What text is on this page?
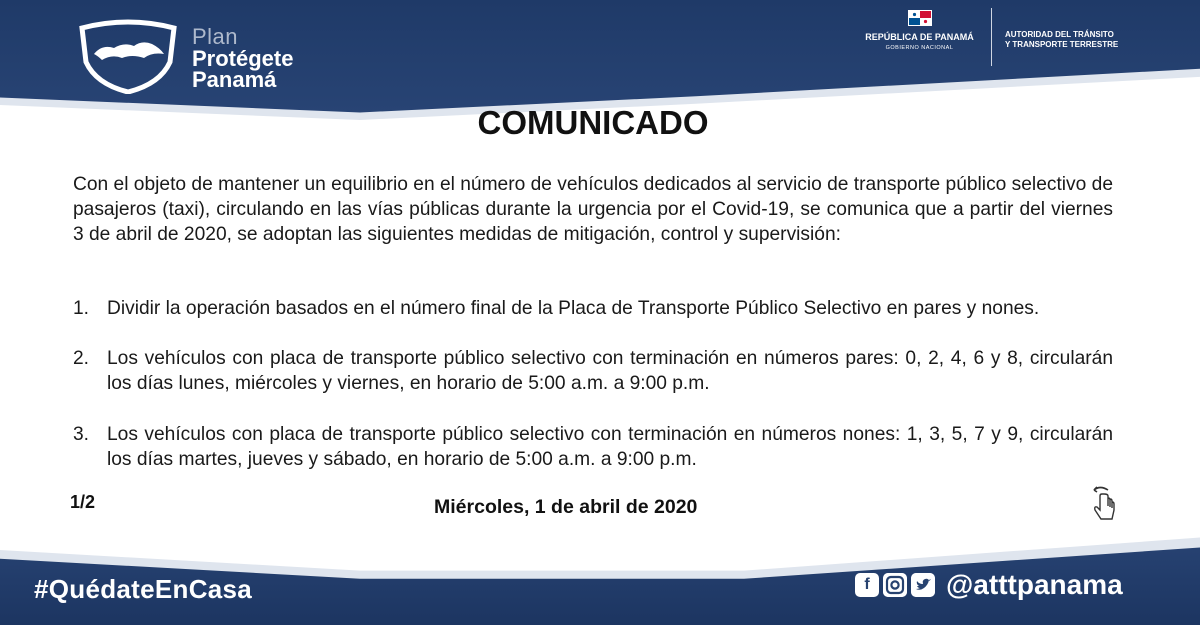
Plan
Protégete
Panamá
REPÚBLICA DE PANAMÁ
GOBIERNO NACIONAL
AUTORIDAD DEL TRÁNSITO
Y TRANSPORTE TERRESTRE
COMUNICADO

Con el objeto de mantener un equilibrio en el número de vehículos dedicados al servicio de transporte público selectivo de pasajeros (taxi), circulando en las vías públicas durante la urgencia por el Covid-19, se comunica que a partir del viernes 3 de abril de 2020, se adoptan las siguientes medidas de mitigación, control y supervisión:

1. Dividir la operación basados en el número final de la Placa de Transporte Público Selectivo en pares y nones.
2. Los vehículos con placa de transporte público selectivo con terminación en números pares: 0, 2, 4, 6 y 8, circularán los días lunes, miércoles y viernes, en horario de 5:00 a.m. a 9:00 p.m.
3. Los vehículos con placa de transporte público selectivo con terminación en números nones: 1, 3, 5, 7 y 9, circularán los días martes, jueves y sábado, en horario de 5:00 a.m. a 9:00 p.m.
1/2	Miércoles, 1 de abril de 2020
#QuédateEnCasa	f	@atttpanama
